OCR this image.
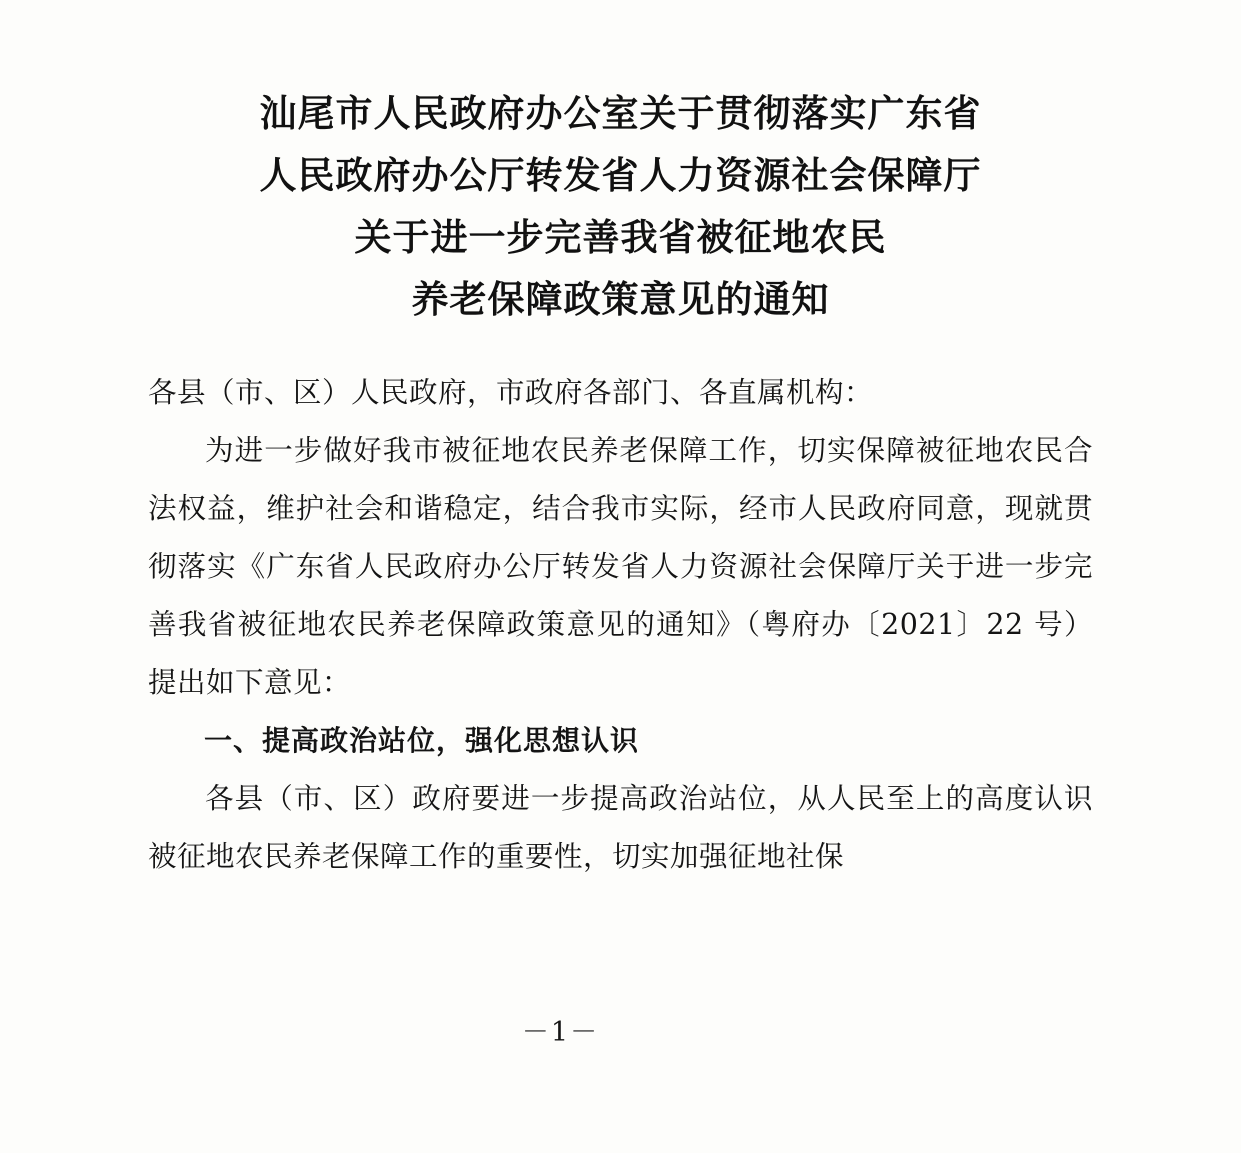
汕尾市人民政府办公室关于贯彻落实广东省
人民政府办公厅转发省人力资源社会保障厅
关于进一步完善我省被征地农民
养老保障政策意见的通知

各县（市、区）人民政府，市政府各部门、各直属机构：

为进一步做好我市被征地农民养老保障工作，切实保障被征地农民合法权益，维护社会和谐稳定，结合我市实际，经市人民政府同意，现就贯彻落实《广东省人民政府办公厅转发省人力资源社会保障厅关于进一步完善我省被征地农民养老保障政策意见的通知》（粤府办〔2021〕22 号）提出如下意见：

一、提高政治站位，强化思想认识

各县（市、区）政府要进一步提高政治站位，从人民至上的高度认识被征地农民养老保障工作的重要性，切实加强征地社保

－1－
